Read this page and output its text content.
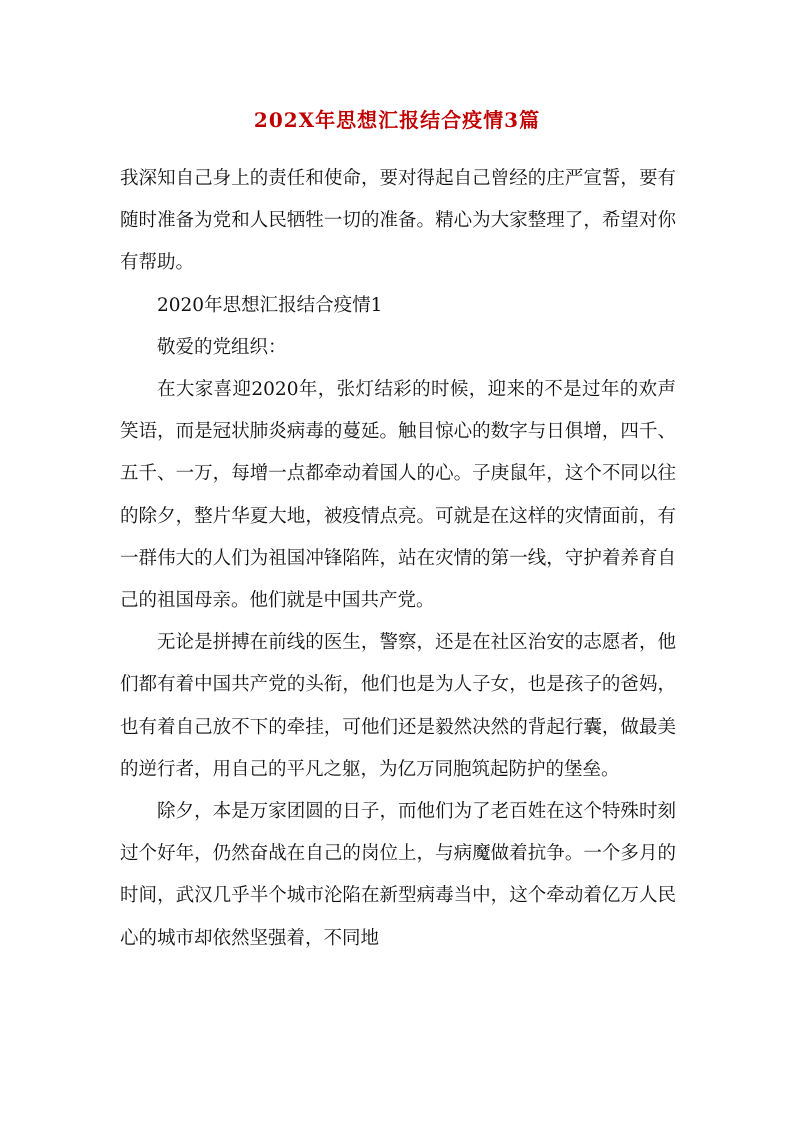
202X年思想汇报结合疫情3篇

我深知自己身上的责任和使命，要对得起自己曾经的庄严宣誓，要有随时准备为党和人民牺牲一切的准备。精心为大家整理了，希望对你有帮助。

2020年思想汇报结合疫情1

敬爱的党组织：

在大家喜迎2020年，张灯结彩的时候，迎来的不是过年的欢声笑语，而是冠状肺炎病毒的蔓延。触目惊心的数字与日俱增，四千、五千、一万，每增一点都牵动着国人的心。子庚鼠年，这个不同以往的除夕，整片华夏大地，被疫情点亮。可就是在这样的灾情面前，有一群伟大的人们为祖国冲锋陷阵，站在灾情的第一线，守护着养育自己的祖国母亲。他们就是中国共产党。

无论是拼搏在前线的医生，警察，还是在社区治安的志愿者，他们都有着中国共产党的头衔，他们也是为人子女，也是孩子的爸妈，也有着自己放不下的牵挂，可他们还是毅然决然的背起行囊，做最美的逆行者，用自己的平凡之躯，为亿万同胞筑起防护的堡垒。

除夕，本是万家团圆的日子，而他们为了老百姓在这个特殊时刻过个好年，仍然奋战在自己的岗位上，与病魔做着抗争。一个多月的时间，武汉几乎半个城市沦陷在新型病毒当中，这个牵动着亿万人民心的城市却依然坚强着，不同地
